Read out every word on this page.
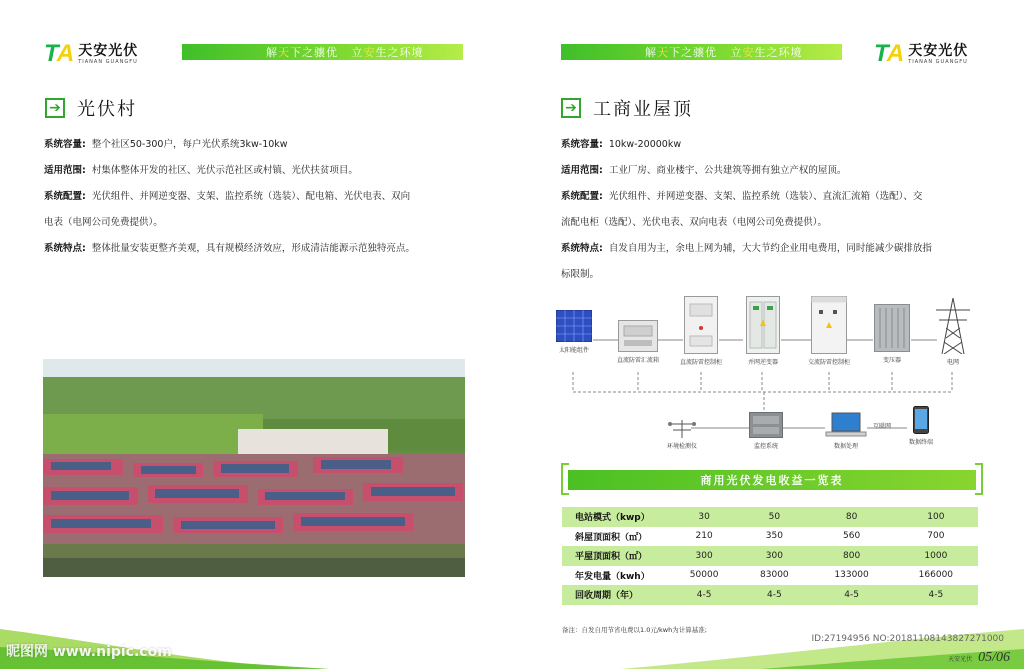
TA 天安光伏
TIANAN GUANGFU
解天下之骧优 立安生之环境
➔ 光伏村

系统容量: 整个社区50-300户，每户光伏系统3kw-10kw

适用范围: 村集体整体开发的社区、光伏示范社区或村镇、光伏扶贫项目。

系统配置: 光伏组件、并网逆变器、支架、监控系统（选装）、配电箱、光伏电表、双向

电表（电网公司免费提供）。

系统特点: 整体批量安装更整齐美观，具有规模经济效应，形成清洁能源示范独特亮点。

解天下之骧优 立安生之环境	TA 天安光伏
TIANAN GUANGFU
➔ 工商业屋顶

系统容量: 10kw-20000kw

适用范围: 工业厂房、商业楼宇、公共建筑等拥有独立产权的屋顶。

系统配置: 光伏组件、并网逆变器、支架、监控系统（选装）、直流汇流箱（选配）、交

流配电柜（选配）、光伏电表、双向电表（电网公司免费提供）。

系统特点: 自发自用为主，余电上网为辅，大大节约企业用电费用，同时能减少碳排放指

标限制。

太阳能组件
直流防雷汇流箱	直流防雷控制柜	并网逆变器	交流防雷控制柜	变压器	电网
环境检测仪	监控系统	数据处理
互联网
数据终端
商用光伏发电收益一览表
电站模式（kwp）	30	50	80	100
斜屋顶面积（㎡）	210	350	560	700
平屋顶面积（㎡）	300	300	800	1000
年发电量（kwh）	50000	83000	133000	166000
回收周期（年）	4-5	4-5	4-5	4-5
备注：自发自用节省电费以1.0元/kwh为计算基准;
昵图网 www.nipic.com
ID:27194956 NO:20181108143827271000
天安光伏 05/06
